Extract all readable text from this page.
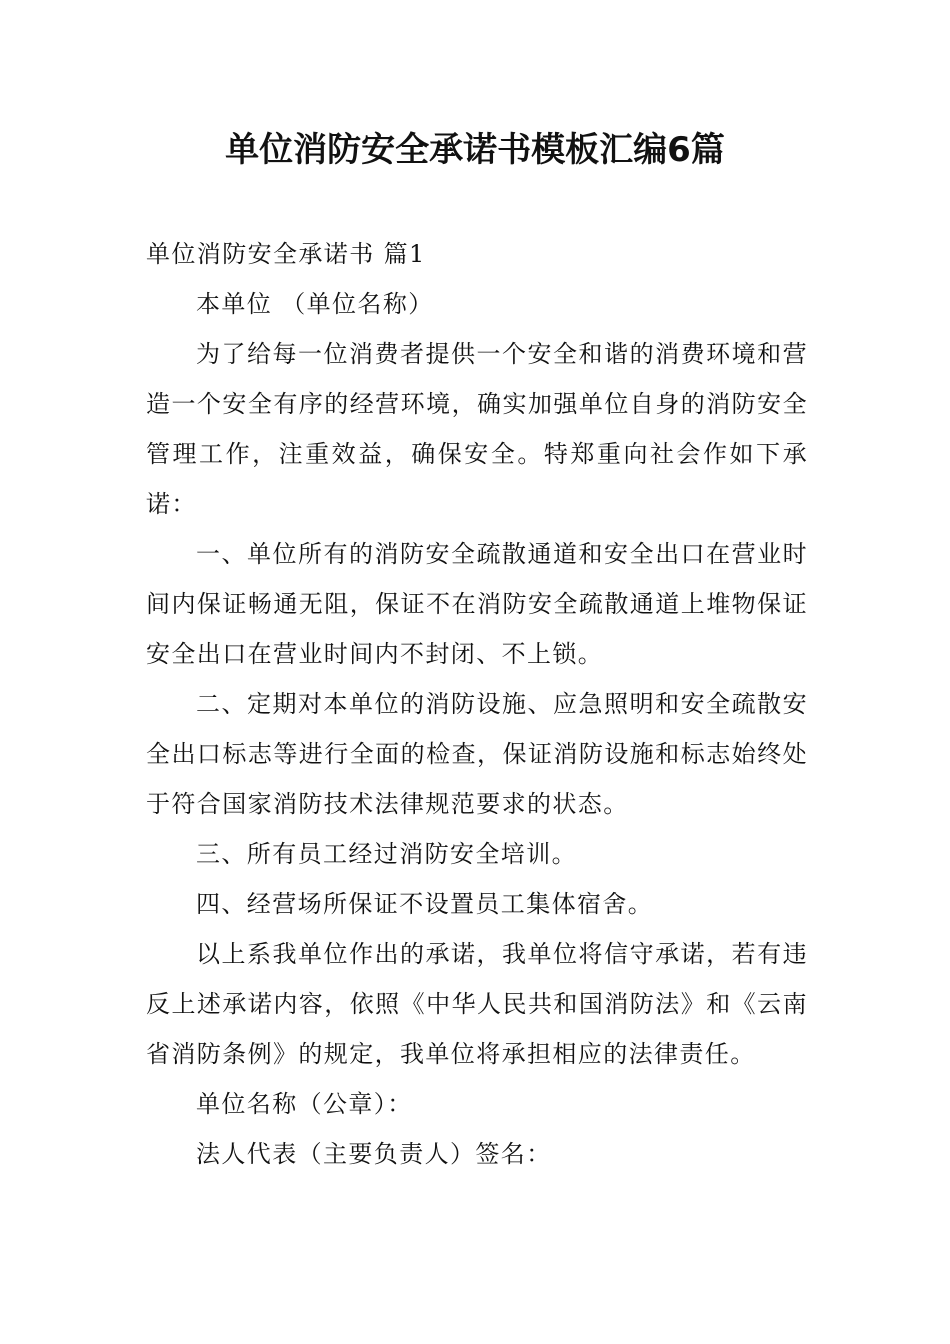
单位消防安全承诺书模板汇编6篇

单位消防安全承诺书 篇1

本单位 （单位名称）

为了给每一位消费者提供一个安全和谐的消费环境和营造一个安全有序的经营环境，确实加强单位自身的消防安全管理工作，注重效益，确保安全。特郑重向社会作如下承诺：

一、单位所有的消防安全疏散通道和安全出口在营业时间内保证畅通无阻，保证不在消防安全疏散通道上堆物保证安全出口在营业时间内不封闭、不上锁。

二、定期对本单位的消防设施、应急照明和安全疏散安全出口标志等进行全面的检查，保证消防设施和标志始终处于符合国家消防技术法律规范要求的状态。

三、所有员工经过消防安全培训。

四、经营场所保证不设置员工集体宿舍。

以上系我单位作出的承诺，我单位将信守承诺，若有违反上述承诺内容，依照《中华人民共和国消防法》和《云南省消防条例》的规定，我单位将承担相应的法律责任。

单位名称（公章）：

法人代表（主要负责人）签名：
